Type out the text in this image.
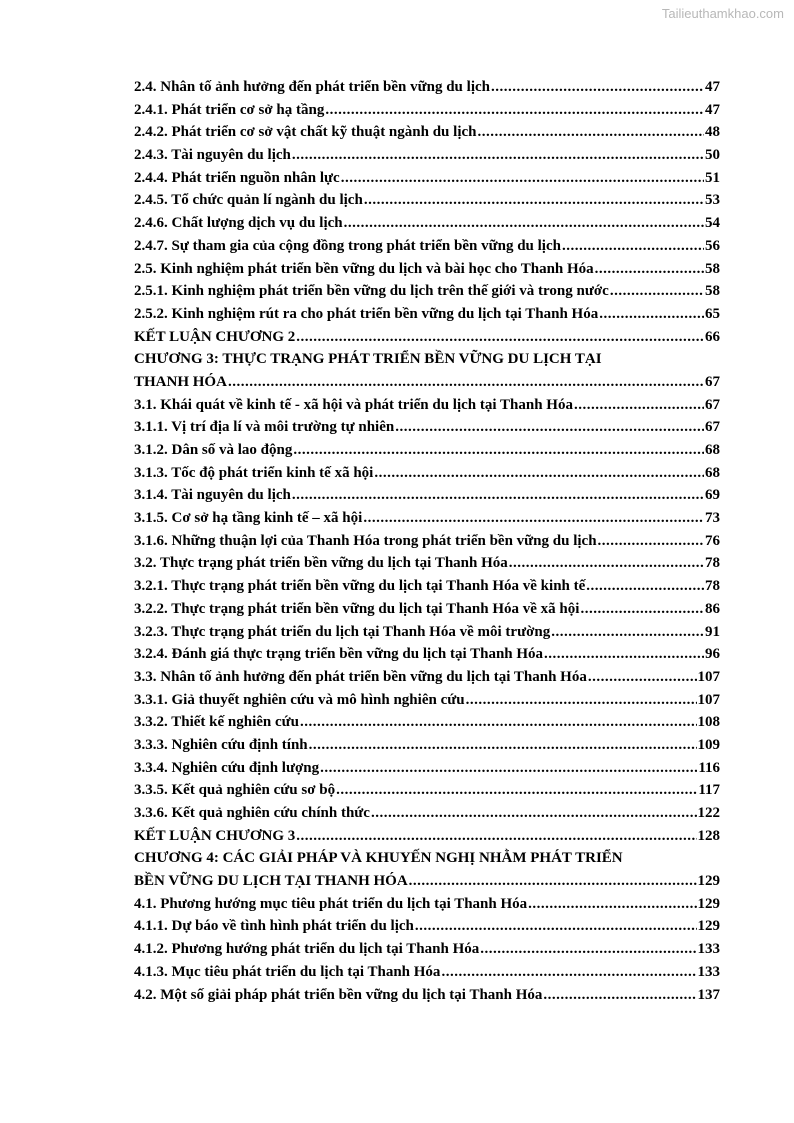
Tailieuthamkhao.com
2.4. Nhân tố ảnh hưởng đến phát triển bền vững du lịch .....	47
2.4.1. Phát triển cơ sở hạ tầng .....	47
2.4.2. Phát triển cơ sở vật chất kỹ thuật ngành du lịch .....	48
2.4.3. Tài nguyên du lịch .....	50
2.4.4. Phát triển nguồn nhân lực .....	51
2.4.5. Tổ chức quản lí ngành du lịch .....	53
2.4.6. Chất lượng dịch vụ du lịch .....	54
2.4.7. Sự tham gia của cộng đồng trong phát triển bền vững du lịch .....	56
2.5. Kinh nghiệm phát triển bền vững du lịch và bài học cho Thanh Hóa .....	58
2.5.1. Kinh nghiệm phát triển bền vững du lịch trên thế giới và trong nước .....	58
2.5.2. Kinh nghiệm rút ra cho phát triển bền vững du lịch tại Thanh Hóa .....	65
KẾT LUẬN CHƯƠNG 2 .....	66
CHƯƠNG 3: THỰC TRẠNG PHÁT TRIỂN BỀN VỮNG DU LỊCH TẠI
THANH HÓA .....	67
3.1. Khái quát về kinh tế - xã hội và phát triển du lịch tại Thanh Hóa .....	67
3.1.1. Vị trí địa lí và môi trường tự nhiên .....	67
3.1.2. Dân số và lao động .....	68
3.1.3. Tốc độ phát triển kinh tế xã hội .....	68
3.1.4. Tài nguyên du lịch .....	69
3.1.5. Cơ sở hạ tầng kinh tế – xã hội .....	73
3.1.6. Những thuận lợi của Thanh Hóa trong phát triển bền vững du lịch .....	76
3.2. Thực trạng phát triển bền vững du lịch tại Thanh Hóa .....	78
3.2.1. Thực trạng phát triển bền vững du lịch tại Thanh Hóa về kinh tế .....	78
3.2.2. Thực trạng phát triển bền vững du lịch tại Thanh Hóa về xã hội .....	86
3.2.3. Thực trạng phát triển du lịch tại Thanh Hóa về môi trường .....	91
3.2.4. Đánh giá thực trạng triển bền vững du lịch tại Thanh Hóa .....	96
3.3. Nhân tố ảnh hưởng đến phát triển bền vững du lịch tại Thanh Hóa .....	107
3.3.1. Giả thuyết nghiên cứu và mô hình nghiên cứu .....	107
3.3.2. Thiết kế nghiên cứu .....	108
3.3.3. Nghiên cứu định tính .....	109
3.3.4. Nghiên cứu định lượng .....	116
3.3.5. Kết quả nghiên cứu sơ bộ .....	117
3.3.6. Kết quả nghiên cứu chính thức .....	122
KẾT LUẬN CHƯƠNG 3 .....	128
CHƯƠNG 4: CÁC GIẢI PHÁP VÀ KHUYẾN NGHỊ NHẰM PHÁT TRIỂN
BỀN VỮNG DU LỊCH TẠI THANH HÓA .....	129
4.1. Phương hướng mục tiêu phát triển du lịch tại Thanh Hóa .....	129
4.1.1. Dự báo về tình hình phát triển du lịch .....	129
4.1.2. Phương hướng phát triển du lịch tại Thanh Hóa .....	133
4.1.3. Mục tiêu phát triển du lịch tại Thanh Hóa .....	133
4.2. Một số giải pháp phát triển bền vững du lịch tại Thanh Hóa .....	137
